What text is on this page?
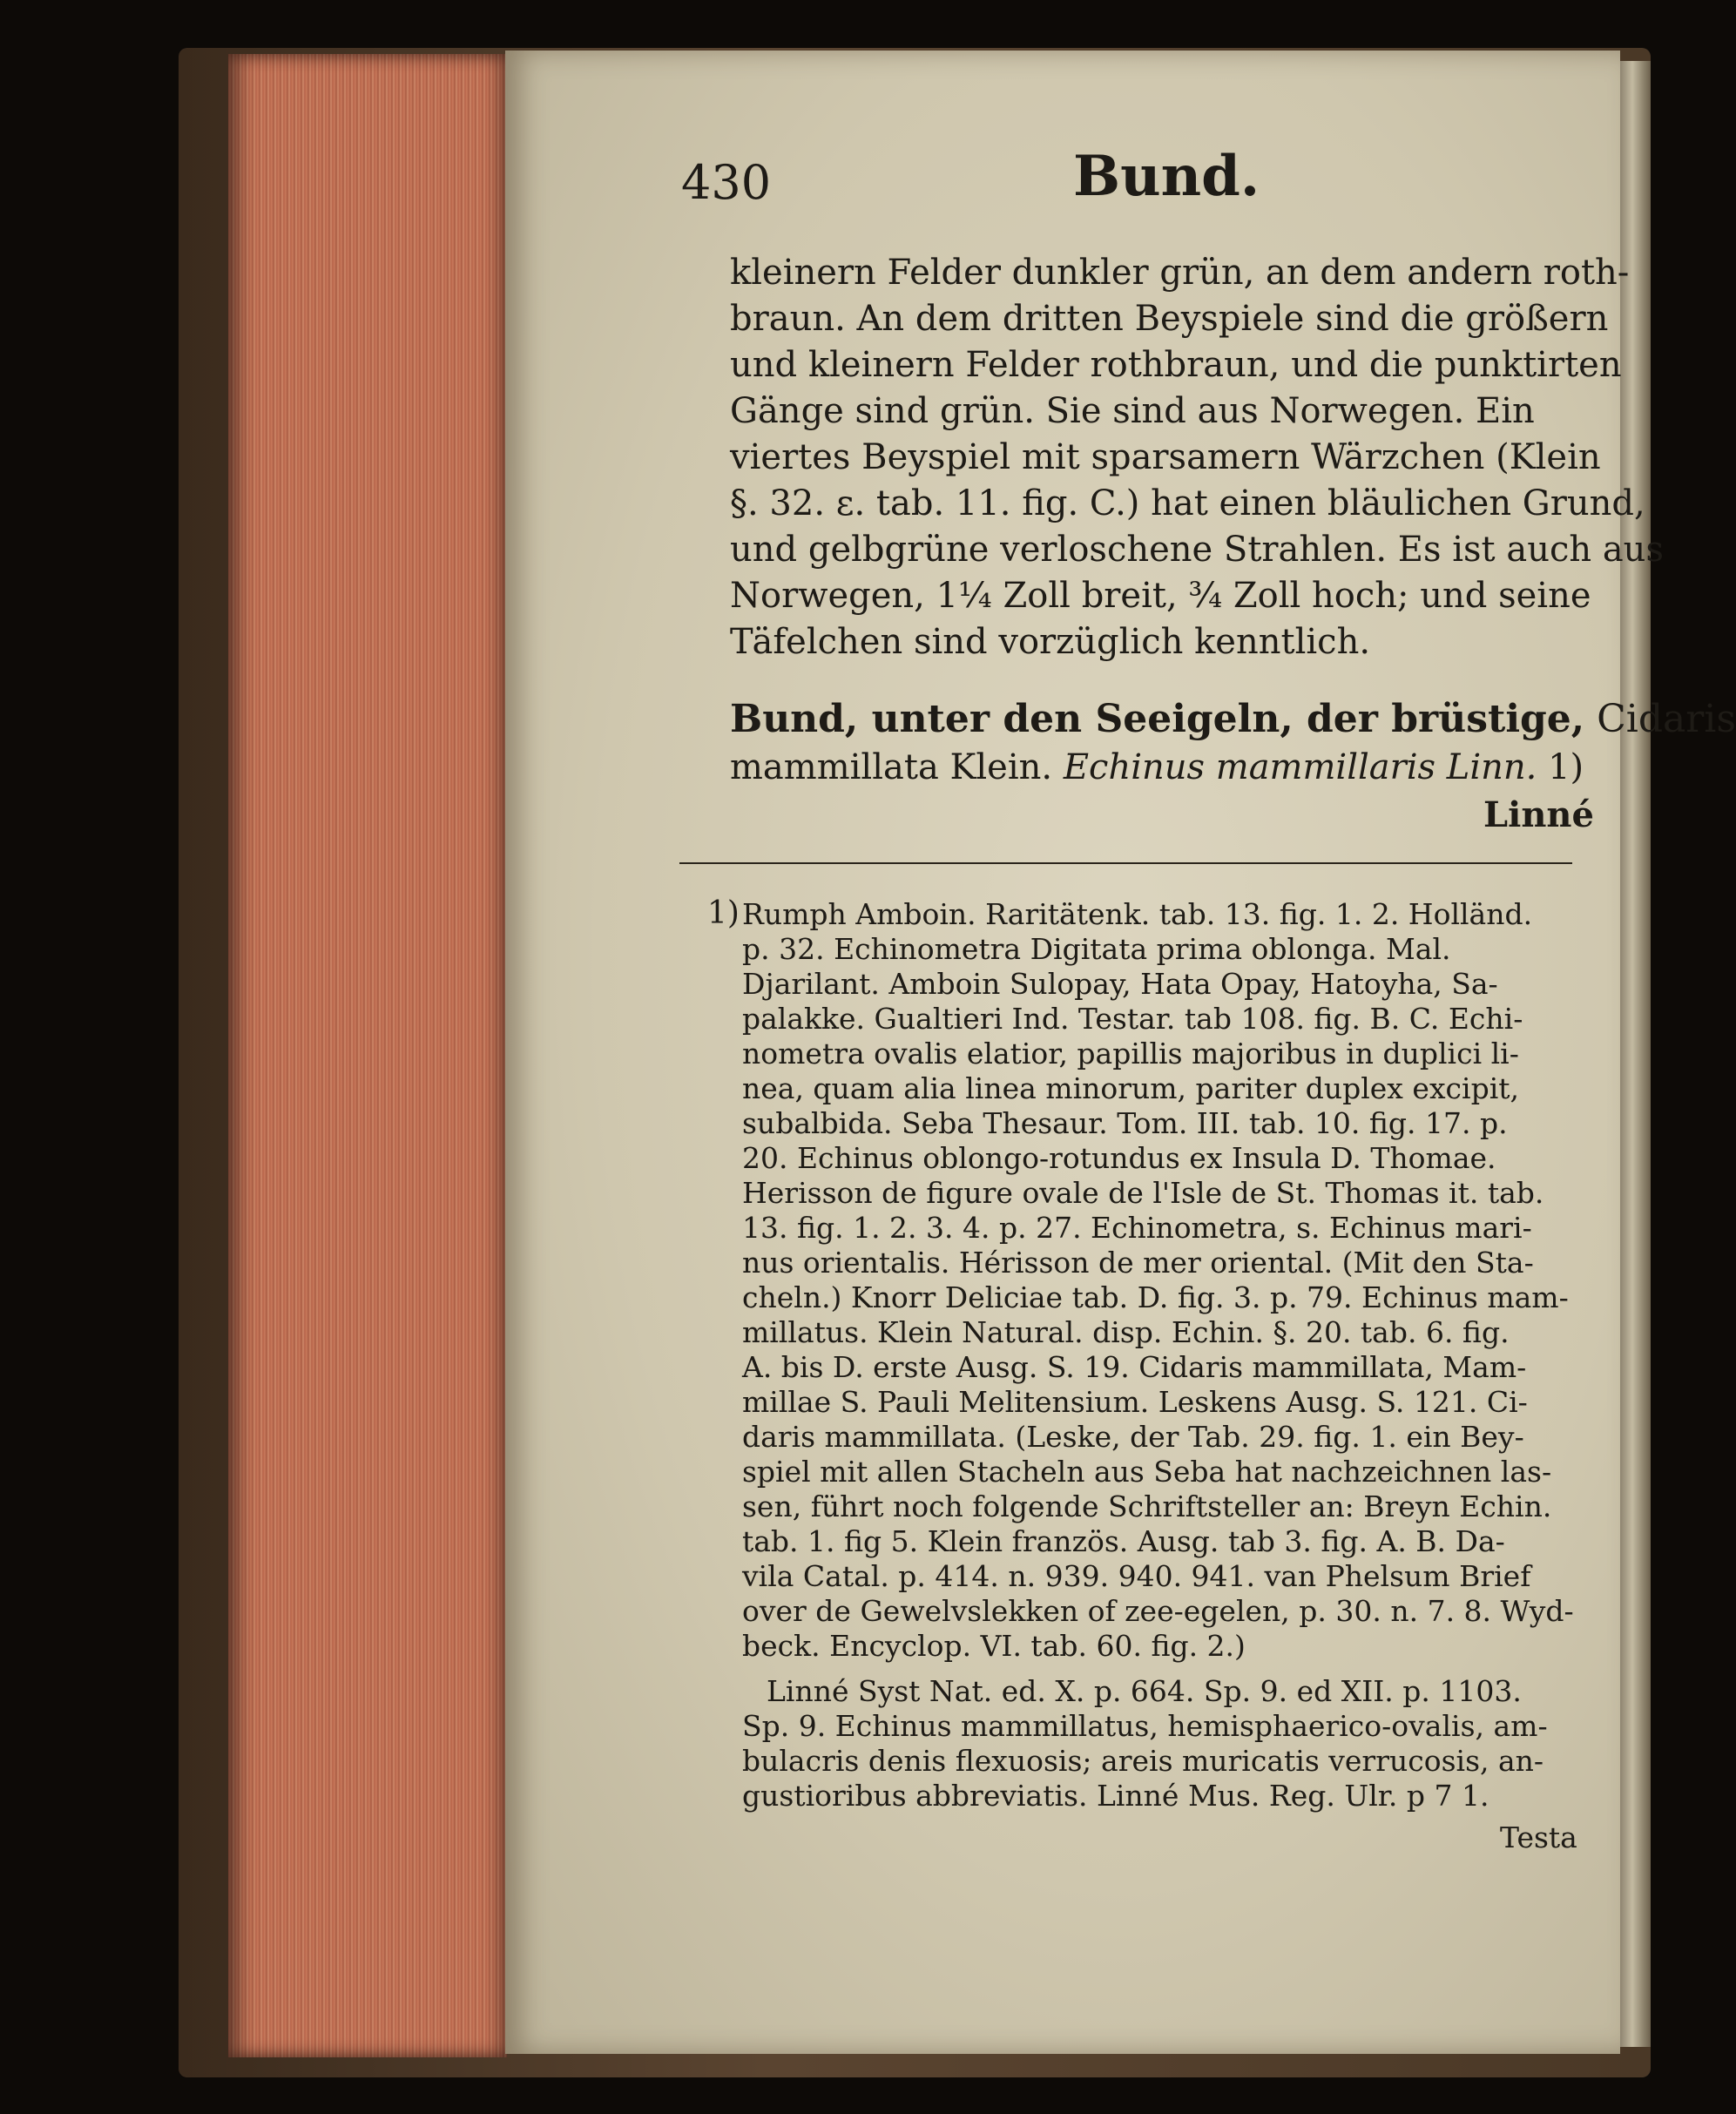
430	Bund.
kleinern Felder dunkler grün, an dem andern roth-
braun. An dem dritten Beyspiele sind die größern
und kleinern Felder rothbraun, und die punktirten
Gänge sind grün. Sie sind aus Norwegen. Ein
viertes Beyspiel mit sparsamern Wärzchen (Klein
§. 32. ε. tab. 11. fig. C.) hat einen bläulichen Grund,
und gelbgrüne verloschene Strahlen. Es ist auch aus
Norwegen, 1¼ Zoll breit, ¾ Zoll hoch; und seine
Täfelchen sind vorzüglich kenntlich.
Bund, unter den Seeigeln, der brüstige, Cidaris
mammillata Klein. Echinus mammillaris Linn. 1)
Linné
1) Rumph Amboin. Raritätenk. tab. 13. fig. 1. 2. Holländ.
p. 32. Echinometra Digitata prima oblonga. Mal.
Djarilant. Amboin Sulopay, Hata Opay, Hatoyha, Sa-
palakke. Gualtieri Ind. Testar. tab 108. fig. B. C. Echi-
nometra ovalis elatior, papillis majoribus in duplici li-
nea, quam alia linea minorum, pariter duplex excipit,
subalbida. Seba Thesaur. Tom. III. tab. 10. fig. 17. p.
20. Echinus oblongo-rotundus ex Insula D. Thomae.
Herisson de figure ovale de l'Isle de St. Thomas it. tab.
13. fig. 1. 2. 3. 4. p. 27. Echinometra, s. Echinus mari-
nus orientalis. Hérisson de mer oriental. (Mit den Sta-
cheln.) Knorr Deliciae tab. D. fig. 3. p. 79. Echinus mam-
millatus. Klein Natural. disp. Echin. §. 20. tab. 6. fig.
A. bis D. erste Ausg. S. 19. Cidaris mammillata, Mam-
millae S. Pauli Melitensium. Leskens Ausg. S. 121. Ci-
daris mammillata. (Leske, der Tab. 29. fig. 1. ein Bey-
spiel mit allen Stacheln aus Seba hat nachzeichnen las-
sen, führt noch folgende Schriftsteller an: Breyn Echin.
tab. 1. fig 5. Klein französ. Ausg. tab 3. fig. A. B. Da-
vila Catal. p. 414. n. 939. 940. 941. van Phelsum Brief
over de Gewelvslekken of zee-egelen, p. 30. n. 7. 8. Wyd-
beck. Encyclop. VI. tab. 60. fig. 2.)
Linné Syst Nat. ed. X. p. 664. Sp. 9. ed XII. p. 1103.
Sp. 9. Echinus mammillatus, hemisphaerico-ovalis, am-
bulacris denis flexuosis; areis muricatis verrucosis, an-
gustioribus abbreviatis. Linné Mus. Reg. Ulr. p 7 1.
Testa
